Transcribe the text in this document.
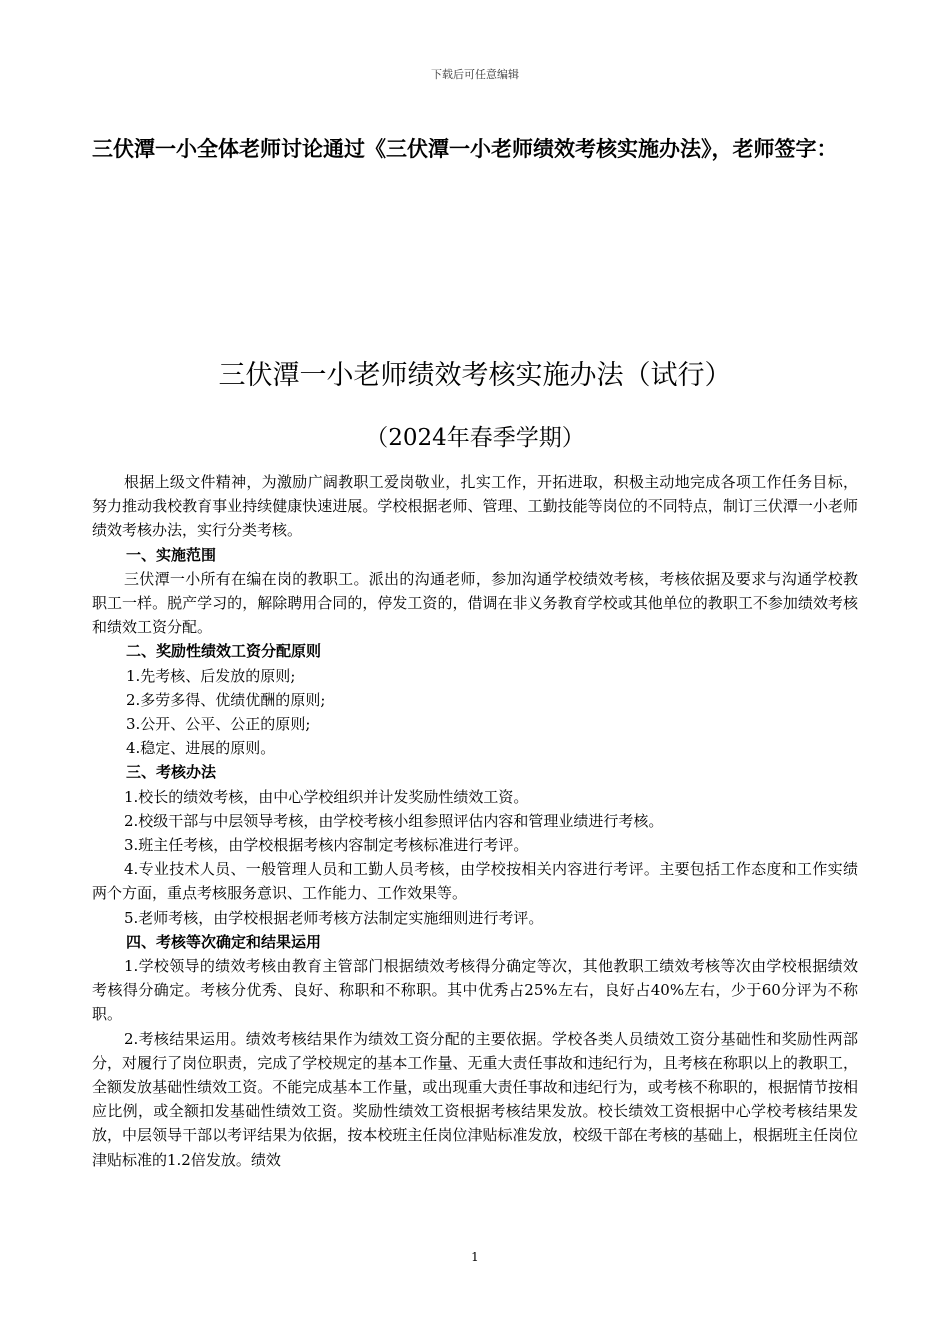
下载后可任意编辑
三伏潭一小全体老师讨论通过《三伏潭一小老师绩效考核实施办法》，老师签字：
三伏潭一小老师绩效考核实施办法（试行）
（2024年春季学期）

根据上级文件精神，为激励广阔教职工爱岗敬业，扎实工作，开拓进取，积极主动地完成各项工作任务目标，努力推动我校教育事业持续健康快速进展。学校根据老师、管理、工勤技能等岗位的不同特点，制订三伏潭一小老师绩效考核办法，实行分类考核。

一、实施范围

三伏潭一小所有在编在岗的教职工。派出的沟通老师，参加沟通学校绩效考核，考核依据及要求与沟通学校教职工一样。脱产学习的，解除聘用合同的，停发工资的，借调在非义务教育学校或其他单位的教职工不参加绩效考核和绩效工资分配。

二、奖励性绩效工资分配原则

1.先考核、后发放的原则;

2.多劳多得、优绩优酬的原则;

3.公开、公平、公正的原则;

4.稳定、进展的原则。

三、考核办法

1.校长的绩效考核，由中心学校组织并计发奖励性绩效工资。

2.校级干部与中层领导考核，由学校考核小组参照评估内容和管理业绩进行考核。

3.班主任考核，由学校根据考核内容制定考核标准进行考评。

4.专业技术人员、一般管理人员和工勤人员考核，由学校按相关内容进行考评。主要包括工作态度和工作实绩两个方面，重点考核服务意识、工作能力、工作效果等。

5.老师考核，由学校根据老师考核方法制定实施细则进行考评。

四、考核等次确定和结果运用

1.学校领导的绩效考核由教育主管部门根据绩效考核得分确定等次，其他教职工绩效考核等次由学校根据绩效考核得分确定。考核分优秀、良好、称职和不称职。其中优秀占25%左右，良好占40%左右，少于60分评为不称职。

2.考核结果运用。绩效考核结果作为绩效工资分配的主要依据。学校各类人员绩效工资分基础性和奖励性两部分，对履行了岗位职责，完成了学校规定的基本工作量、无重大责任事故和违纪行为，且考核在称职以上的教职工，全额发放基础性绩效工资。不能完成基本工作量，或出现重大责任事故和违纪行为，或考核不称职的，根据情节按相应比例，或全额扣发基础性绩效工资。奖励性绩效工资根据考核结果发放。校长绩效工资根据中心学校考核结果发放，中层领导干部以考评结果为依据，按本校班主任岗位津贴标准发放，校级干部在考核的基础上，根据班主任岗位津贴标准的1.2倍发放。绩效

1
